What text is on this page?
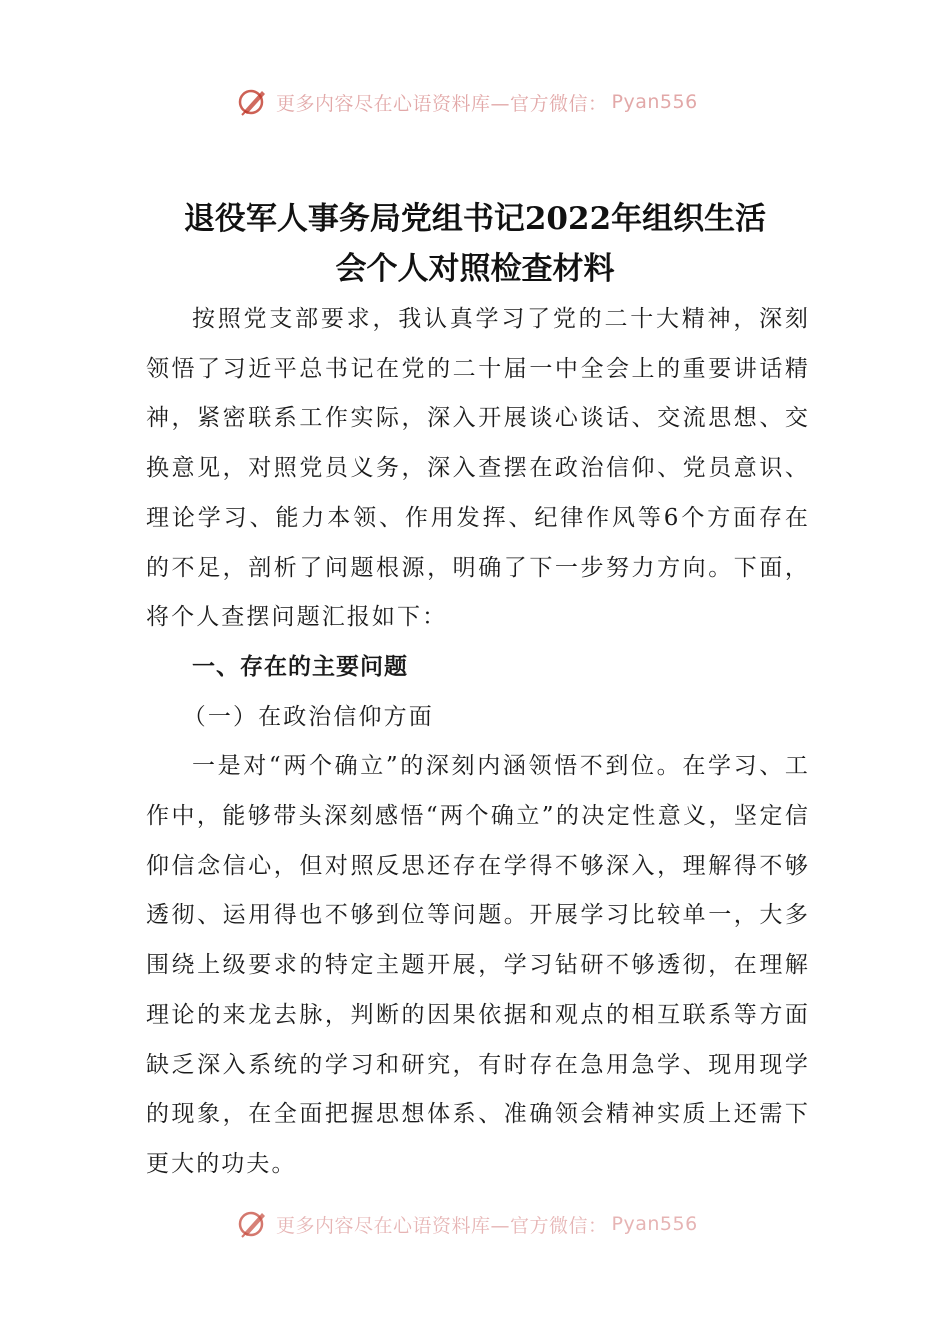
更多内容尽在心语资料库—官方微信： Pyan556
退役军人事务局党组书记2022年组织生活
会个人对照检查材料

按照党支部要求，我认真学习了党的二十大精神，深刻领悟了习近平总书记在党的二十届一中全会上的重要讲话精神，紧密联系工作实际，深入开展谈心谈话、交流思想、交换意见，对照党员义务，深入查摆在政治信仰、党员意识、理论学习、能力本领、作用发挥、纪律作风等6个方面存在的不足，剖析了问题根源，明确了下一步努力方向。下面，将个人查摆问题汇报如下：

一、存在的主要问题
（一）在政治信仰方面

一是对“两个确立”的深刻内涵领悟不到位。在学习、工作中，能够带头深刻感悟“两个确立”的决定性意义，坚定信仰信念信心，但对照反思还存在学得不够深入，理解得不够透彻、运用得也不够到位等问题。开展学习比较单一，大多围绕上级要求的特定主题开展，学习钻研不够透彻，在理解理论的来龙去脉，判断的因果依据和观点的相互联系等方面缺乏深入系统的学习和研究，有时存在急用急学、现用现学的现象，在全面把握思想体系、准确领会精神实质上还需下更大的功夫。

更多内容尽在心语资料库—官方微信： Pyan556
